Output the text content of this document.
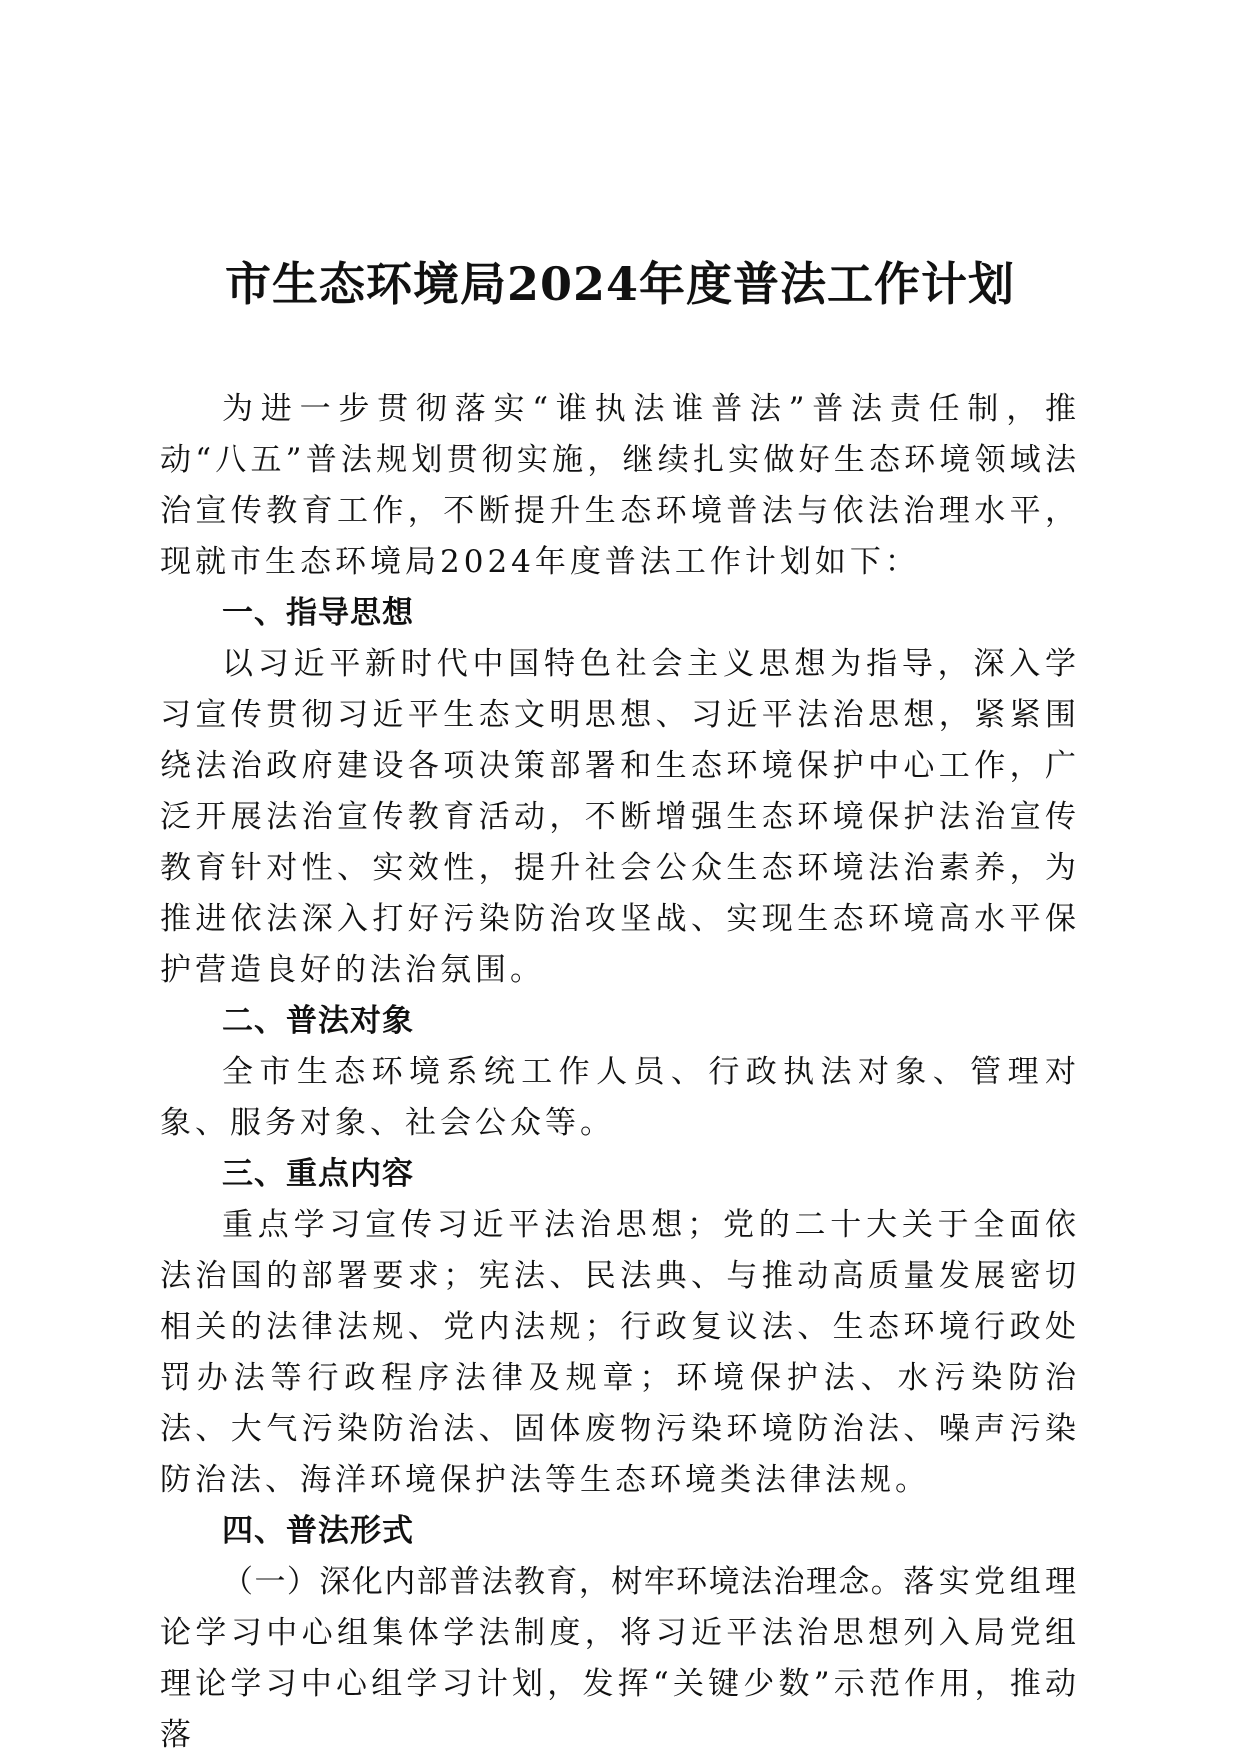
市生态环境局2024年度普法工作计划

为进一步贯彻落实“谁执法谁普法”普法责任制，推动“八五”普法规划贯彻实施，继续扎实做好生态环境领域法治宣传教育工作，不断提升生态环境普法与依法治理水平，现就市生态环境局2024年度普法工作计划如下：

一、指导思想

以习近平新时代中国特色社会主义思想为指导，深入学习宣传贯彻习近平生态文明思想、习近平法治思想，紧紧围绕法治政府建设各项决策部署和生态环境保护中心工作，广泛开展法治宣传教育活动，不断增强生态环境保护法治宣传教育针对性、实效性，提升社会公众生态环境法治素养，为推进依法深入打好污染防治攻坚战、实现生态环境高水平保护营造良好的法治氛围。

二、普法对象

全市生态环境系统工作人员、行政执法对象、管理对象、服务对象、社会公众等。

三、重点内容

重点学习宣传习近平法治思想；党的二十大关于全面依法治国的部署要求；宪法、民法典、与推动高质量发展密切相关的法律法规、党内法规；行政复议法、生态环境行政处罚办法等行政程序法律及规章；环境保护法、水污染防治法、大气污染防治法、固体废物污染环境防治法、噪声污染防治法、海洋环境保护法等生态环境类法律法规。

四、普法形式

（一）深化内部普法教育，树牢环境法治理念。落实党组理论学习中心组集体学法制度，将习近平法治思想列入局党组理论学习中心组学习计划，发挥“关键少数”示范作用，推动落
